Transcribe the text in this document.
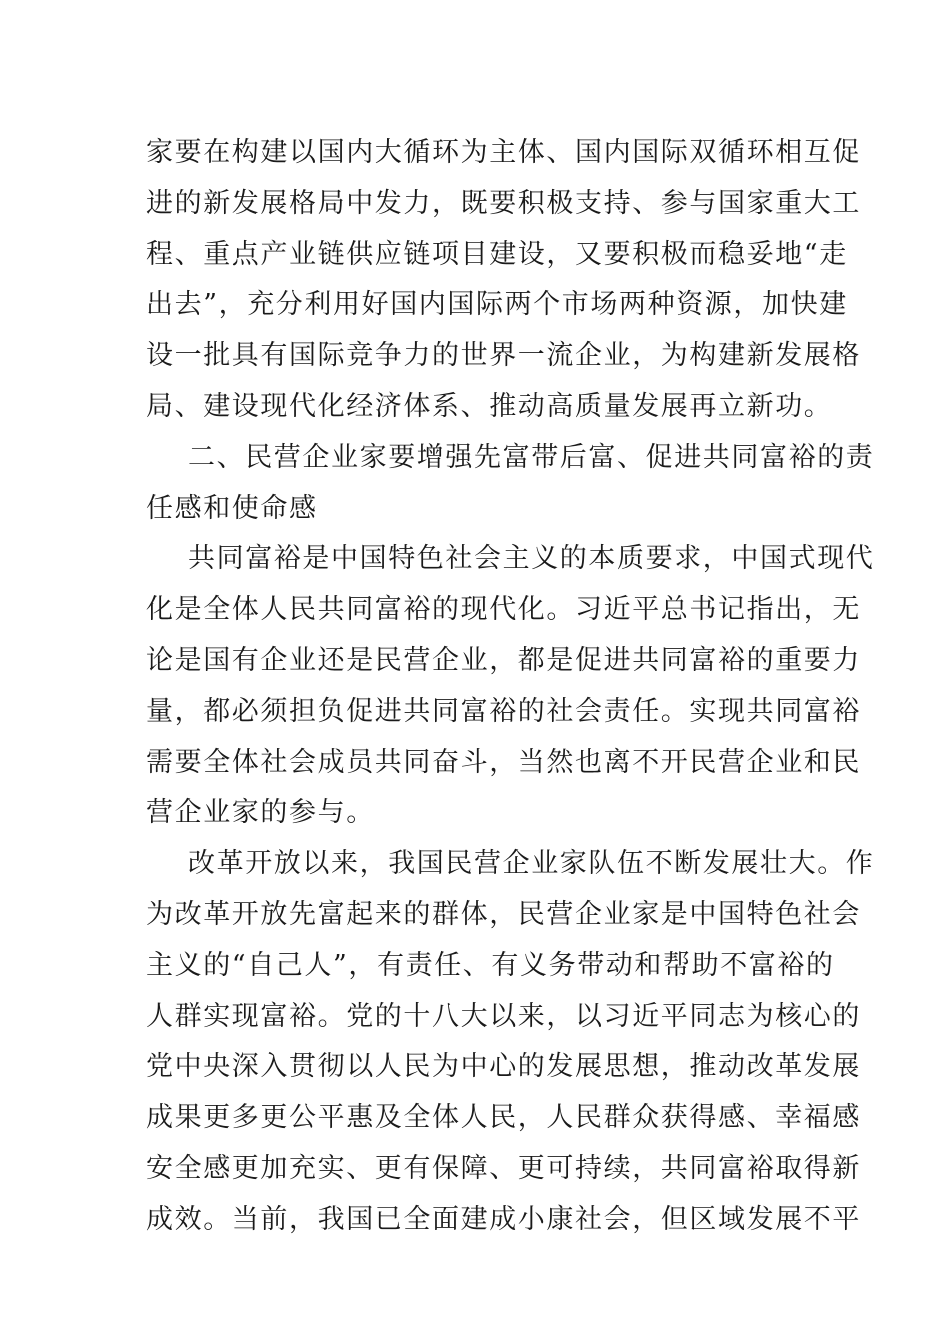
家要在构建以国内大循环为主体、国内国际双循环相互促
进的新发展格局中发力，既要积极支持、参与国家重大工
程、重点产业链供应链项目建设，又要积极而稳妥地“走
出去”，充分利用好国内国际两个市场两种资源，加快建
设一批具有国际竞争力的世界一流企业，为构建新发展格
局、建设现代化经济体系、推动高质量发展再立新功。
二、民营企业家要增强先富带后富、促进共同富裕的责
任感和使命感
共同富裕是中国特色社会主义的本质要求，中国式现代
化是全体人民共同富裕的现代化。习近平总书记指出，无
论是国有企业还是民营企业，都是促进共同富裕的重要力
量，都必须担负促进共同富裕的社会责任。实现共同富裕
需要全体社会成员共同奋斗，当然也离不开民营企业和民
营企业家的参与。
改革开放以来，我国民营企业家队伍不断发展壮大。作
为改革开放先富起来的群体，民营企业家是中国特色社会
主义的“自己人”，有责任、有义务带动和帮助不富裕的
人群实现富裕。党的十八大以来，以习近平同志为核心的
党中央深入贯彻以人民为中心的发展思想，推动改革发展
成果更多更公平惠及全体人民，人民群众获得感、幸福感
安全感更加充实、更有保障、更可持续，共同富裕取得新
成效。当前，我国已全面建成小康社会，但区域发展不平
